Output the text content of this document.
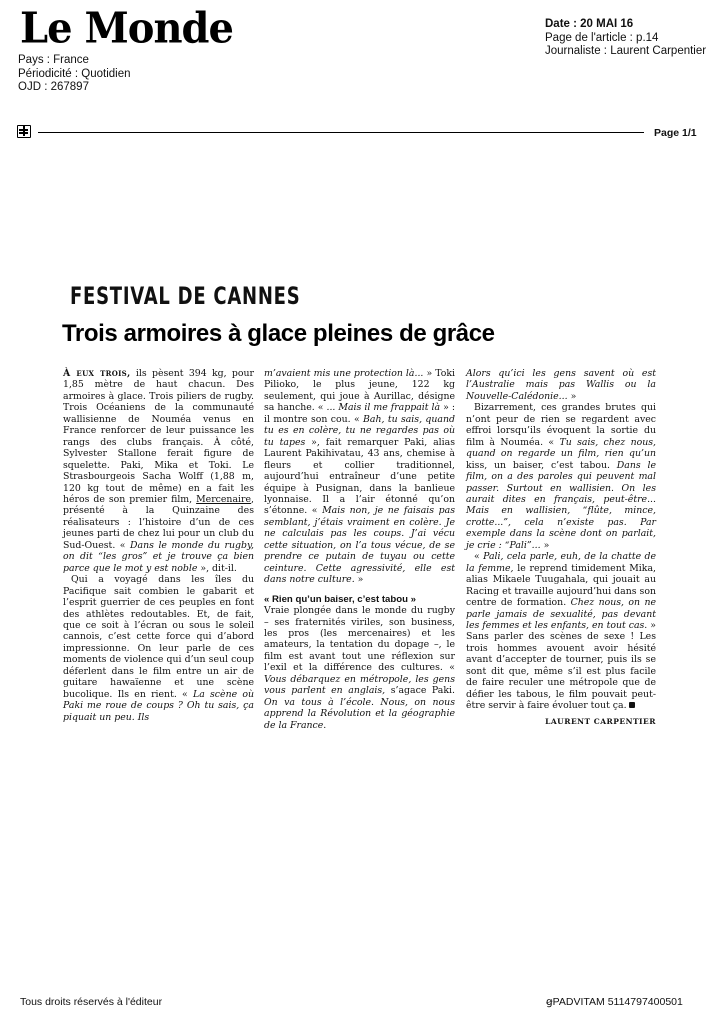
Le Monde
Pays : France
Périodicité : Quotidien
OJD : 267897
Date : 20 MAI 16
Page de l'article : p.14
Journaliste : Laurent Carpentier
Page 1/1
FESTIVAL DE CANNES
Trois armoires à glace pleines de grâce

À eux trois, ils pèsent 394 kg, pour 1,85 mètre de haut chacun. Des armoires à glace. Trois piliers de rugby. Trois Océaniens de la communauté wallisienne de Nouméa venus en France renforcer de leur puissance les rangs des clubs français. À côté, Sylvester Stallone ferait figure de squelette. Paki, Mika et Toki. Le Strasbourgeois Sacha Wolff (1,88 m, 120 kg tout de même) en a fait les héros de son premier film, Mercenaire, présenté à la Quinzaine des réalisateurs : l’histoire d’un de ces jeunes parti de chez lui pour un club du Sud-Ouest. « Dans le monde du rugby, on dit “les gros” et je trouve ça bien parce que le mot y est noble », dit-il.

Qui a voyagé dans les îles du Pacifique sait combien le gabarit et l’esprit guerrier de ces peuples en font des athlètes redoutables. Et, de fait, que ce soit à l’écran ou sous le soleil cannois, c’est cette force qui d’abord impressionne. On leur parle de ces moments de violence qui d’un seul coup déferlent dans le film entre un air de guitare hawaïenne et une scène bucolique. Ils en rient. « La scène où Paki me roue de coups ? Oh tu sais, ça piquait un peu. Ils

m’avaient mis une protection là... » Toki Pilioko, le plus jeune, 122 kg seulement, qui joue à Aurillac, désigne sa hanche. « ... Mais il me frappait là » : il montre son cou. « Bah, tu sais, quand tu es en colère, tu ne regardes pas où tu tapes », fait remarquer Paki, alias Laurent Pakihivatau, 43 ans, chemise à fleurs et collier traditionnel, aujourd’hui entraîneur d’une petite équipe à Pusignan, dans la banlieue lyonnaise. Il a l’air étonné qu’on s’étonne. « Mais non, je ne faisais pas semblant, j’étais vraiment en colère. Je ne calculais pas les coups. J’ai vécu cette situation, on l’a tous vécue, de se prendre ce putain de tuyau ou cette ceinture. Cette agressivité, elle est dans notre culture. »

« Rien qu’un baiser, c’est tabou »

Vraie plongée dans le monde du rugby – ses fraternités viriles, son business, les pros (les mercenaires) et les amateurs, la tentation du dopage –, le film est avant tout une réflexion sur l’exil et la différence des cultures. « Vous débarquez en métropole, les gens vous parlent en anglais, s’agace Paki. On va tous à l’école. Nous, on nous apprend la Révolution et la géographie de la France.

Alors qu’ici les gens savent où est l’Australie mais pas Wallis ou la Nouvelle-Calédonie... »

Bizarrement, ces grandes brutes qui n’ont peur de rien se regardent avec effroi lorsqu’ils évoquent la sortie du film à Nouméa. « Tu sais, chez nous, quand on regarde un film, rien qu’un kiss, un baiser, c’est tabou. Dans le film, on a des paroles qui peuvent mal passer. Surtout en wallisien. On les aurait dites en français, peut-être... Mais en wallisien, “flûte, mince, crotte...”, cela n’existe pas. Par exemple dans la scène dont on parlait, je crie : “Pali”... »

« Pali, cela parle, euh, de la chatte de la femme, le reprend timidement Mika, alias Mikaele Tuugahala, qui jouait au Racing et travaille aujourd’hui dans son centre de formation. Chez nous, on ne parle jamais de sexualité, pas devant les femmes et les enfants, en tout cas. » Sans parler des scènes de sexe ! Les trois hommes avouent avoir hésité avant d’accepter de tourner, puis ils se sont dit que, même s’il est plus facile de faire reculer une métropole que de défier les tabous, le film pouvait peut-être servir à faire évoluer tout ça.

LAURENT CARPENTIER

Tous droits réservés à l'éditeur	ꞡPADVITAM 5114797400501
